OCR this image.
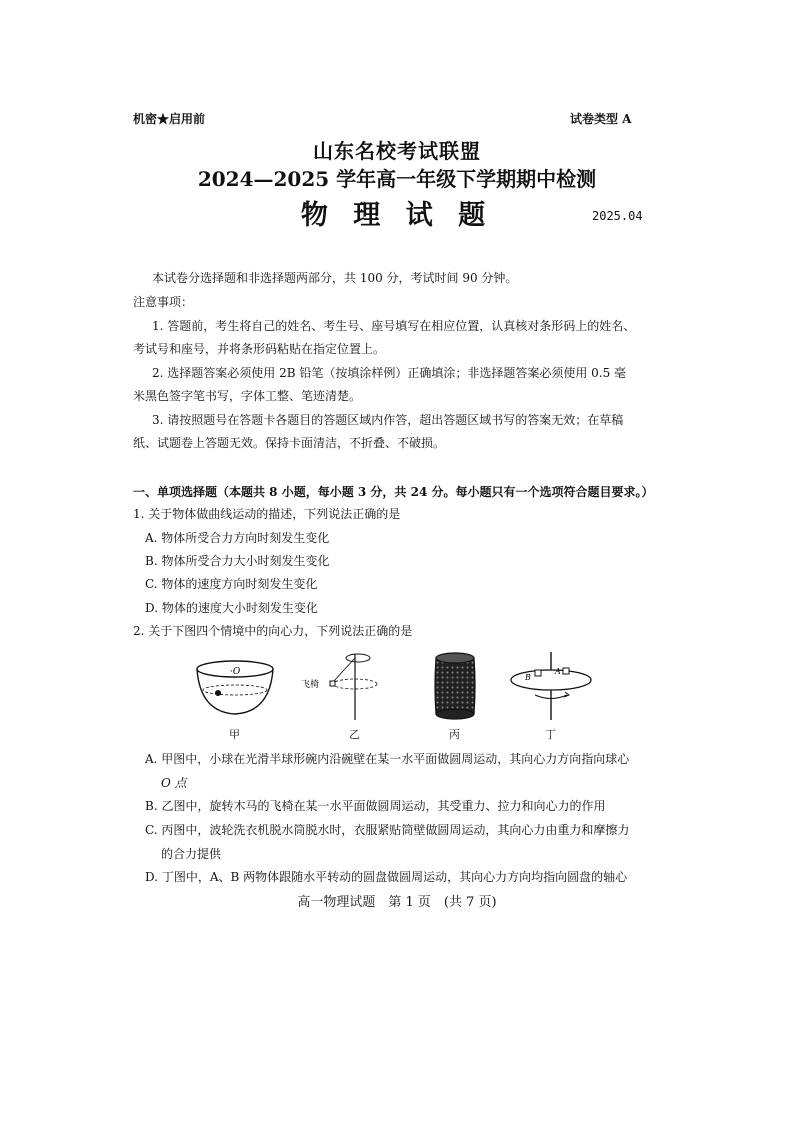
机密★启用前	试卷类型 A
山东名校考试联盟
2024—2025 学年高一年级下学期期中检测
物 理 试 题	2025.04
本试卷分选择题和非选择题两部分，共 100 分，考试时间 90 分钟。
注意事项：
1. 答题前，考生将自己的姓名、考生号、座号填写在相应位置，认真核对条形码上的姓名、
考试号和座号，并将条形码粘贴在指定位置上。
2. 选择题答案必须使用 2B 铅笔（按填涂样例）正确填涂；非选择题答案必须使用 0.5 毫
米黑色签字笔书写，字体工整、笔迹清楚。
3. 请按照题号在答题卡各题目的答题区域内作答，超出答题区域书写的答案无效；在草稿
纸、试题卷上答题无效。保持卡面清洁，不折叠、不破损。
一、单项选择题（本题共 8 小题，每小题 3 分，共 24 分。每小题只有一个选项符合题目要求。）
1. 关于物体做曲线运动的描述，下列说法正确的是
A. 物体所受合力方向时刻发生变化
B. 物体所受合力大小时刻发生变化
C. 物体的速度方向时刻发生变化
D. 物体的速度大小时刻发生变化
2. 关于下图四个情境中的向心力，下列说法正确的是
·O
飞椅
B
A
甲	乙	丙	丁
A. 甲图中，小球在光滑半球形碗内沿碗壁在某一水平面做圆周运动，其向心力方向指向球心
O 点
B. 乙图中，旋转木马的飞椅在某一水平面做圆周运动，其受重力、拉力和向心力的作用
C. 丙图中，波轮洗衣机脱水筒脱水时，衣服紧贴筒壁做圆周运动，其向心力由重力和摩擦力
的合力提供
D. 丁图中，A、B 两物体跟随水平转动的圆盘做圆周运动，其向心力方向均指向圆盘的轴心
高一物理试题　第 1 页　(共 7 页)
